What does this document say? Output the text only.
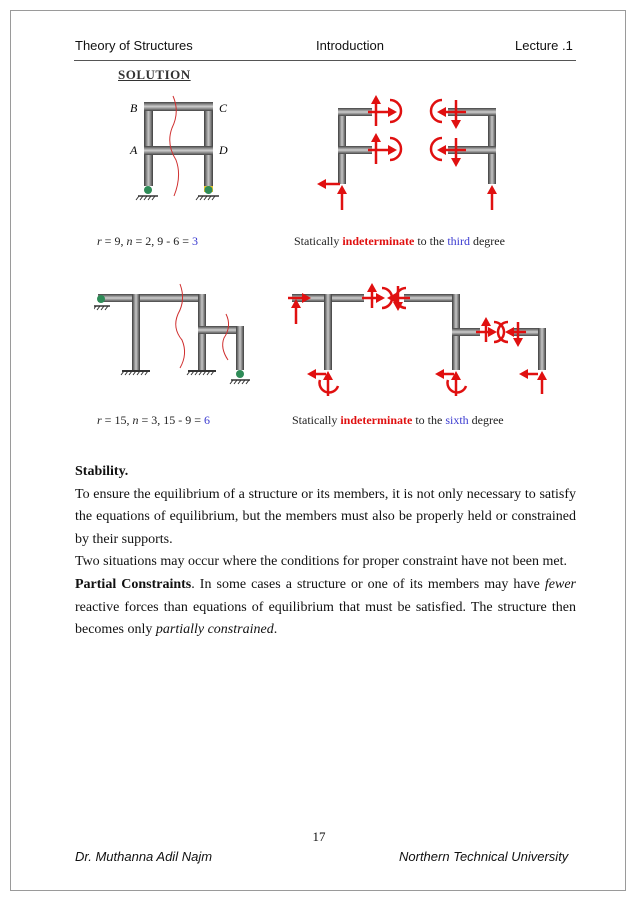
Theory of Structures	Introduction	Lecture .1
SOLUTION
B	C
A	D
r = 9, n = 2, 9 - 6 = 3	Statically indeterminate to the third degree
r = 15, n = 3, 15 - 9 = 6	Statically indeterminate to the sixth degree

Stability.

To ensure the equilibrium of a structure or its members, it is not only necessary to satisfy the equations of equilibrium, but the members must also be properly held or constrained by their supports.

Two situations may occur where the conditions for proper constraint have not been met.

Partial Constraints. In some cases a structure or one of its members may have fewer reactive forces than equations of equilibrium that must be satisfied. The structure then becomes only partially constrained.

17
Dr. Muthanna Adil Najm	Northern Technical University
